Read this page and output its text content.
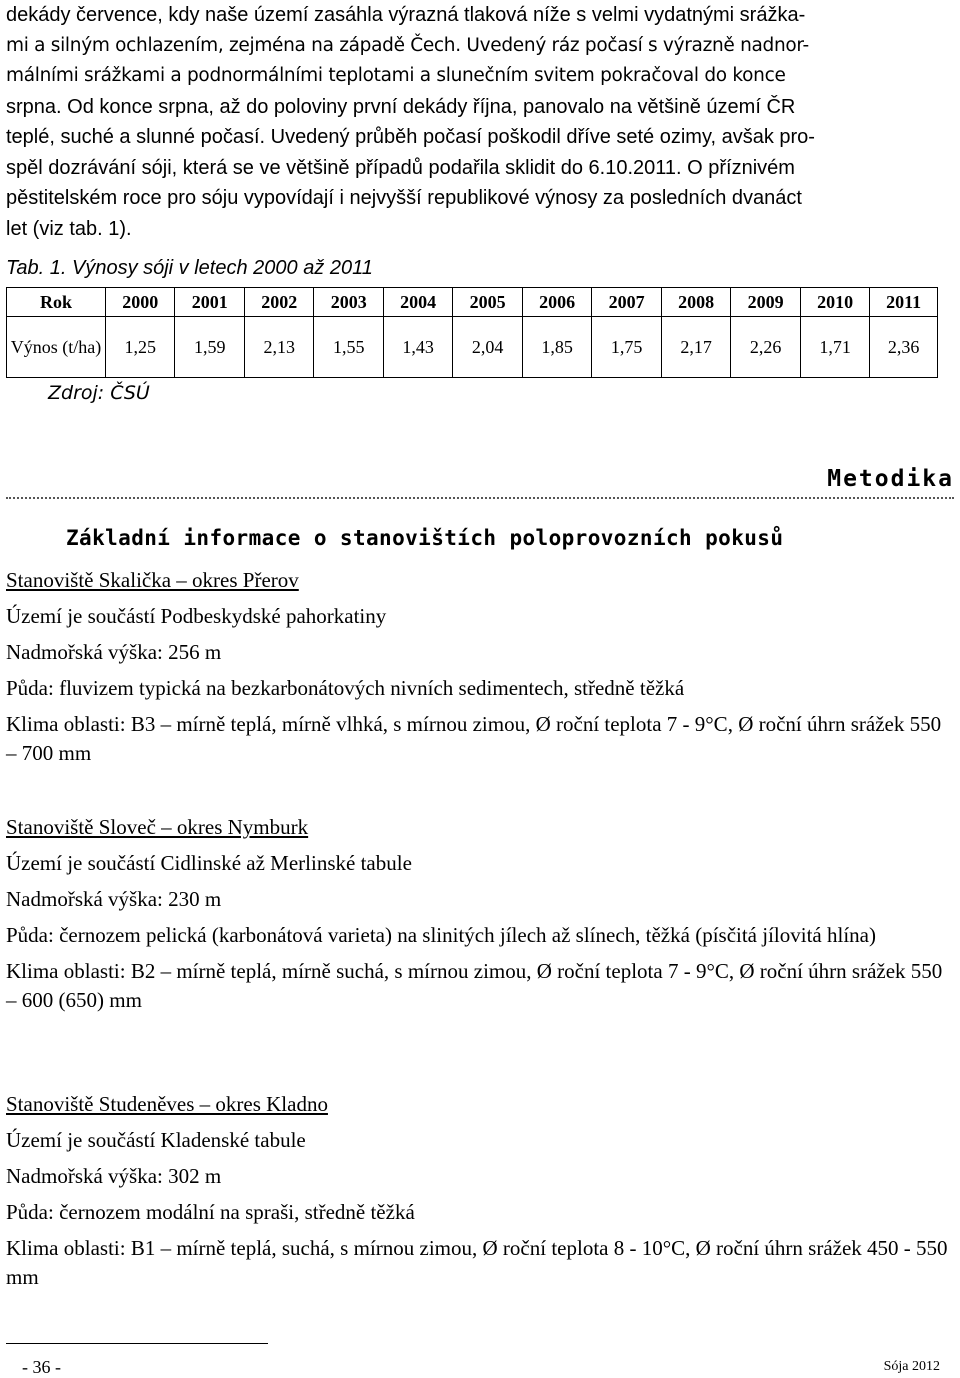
dekády července, kdy naše území zasáhla výrazná tlaková níže s velmi vydatnými srážka-
mi a silným ochlazením, zejména na západě Čech. Uvedený ráz počasí s výrazně nadnor-
málními srážkami a podnormálními teplotami a slunečním svitem pokračoval do konce
srpna. Od konce srpna, až do poloviny první dekády října, panovalo na většině území ČR
teplé, suché a slunné počasí. Uvedený průběh počasí poškodil dříve seté ozimy, avšak pro-
spěl dozrávání sóji, která se ve většině případů podařila sklidit do 6.10.2011. O příznivém
pěstitelském roce pro sóju vypovídají i nejvyšší republikové výnosy za posledních dvanáct
let (viz tab. 1).

Tab. 1. Výnosy sóji v letech 2000 až 2011

Rok	2000	2001	2002	2003	2004	2005	2006	2007	2008	2009	2010	2011
Výnos (t/ha)	1,25	1,59	2,13	1,55	1,43	2,04	1,85	1,75	2,17	2,26	1,71	2,36

Zdroj: ČSÚ

Metodika

Základní informace o stanovištích poloprovozních pokusů

Stanoviště Skalička – okres Přerov

Území je součástí Podbeskydské pahorkatiny

Nadmořská výška: 256 m

Půda: fluvizem typická na bezkarbonátových nivních sedimentech, středně těžká

Klima oblasti: B3 – mírně teplá, mírně vlhká, s mírnou zimou, Ø roční teplota 7 - 9°C, Ø roční úhrn srážek 550 – 700 mm

Stanoviště Sloveč – okres Nymburk

Území je součástí Cidlinské až Merlinské tabule

Nadmořská výška: 230 m

Půda: černozem pelická (karbonátová varieta) na slinitých jílech až slínech, těžká (písčitá jílovitá hlína)

Klima oblasti: B2 – mírně teplá, mírně suchá, s mírnou zimou, Ø roční teplota 7 - 9°C, Ø roční úhrn srážek 550 – 600 (650) mm

Stanoviště Studeněves – okres Kladno

Území je součástí Kladenské tabule

Nadmořská výška: 302 m

Půda: černozem modální na spraši, středně těžká

Klima oblasti: B1 – mírně teplá, suchá, s mírnou zimou, Ø roční teplota 8 - 10°C, Ø roční úhrn srážek 450 - 550 mm

- 36 -	Sója 2012
